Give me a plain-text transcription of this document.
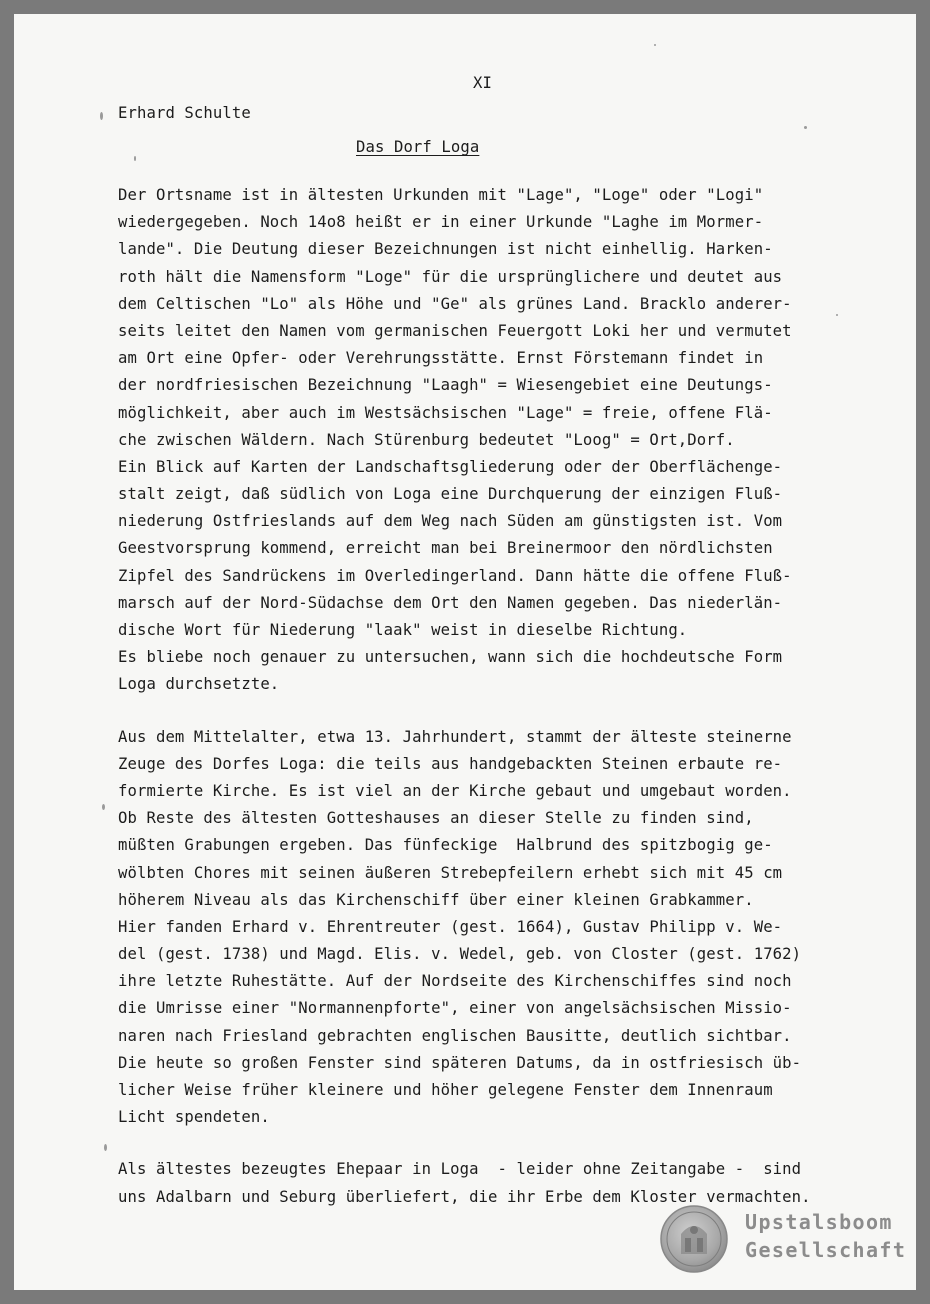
XI
Erhard Schulte
Das Dorf Loga
Der Ortsname ist in ältesten Urkunden mit "Lage", "Loge" oder "Logi"
wiedergegeben. Noch 14o8 heißt er in einer Urkunde "Laghe im Mormer-
lande". Die Deutung dieser Bezeichnungen ist nicht einhellig. Harken-
roth hält die Namensform "Loge" für die ursprünglichere und deutet aus
dem Celtischen "Lo" als Höhe und "Ge" als grünes Land. Bracklo anderer-
seits leitet den Namen vom germanischen Feuergott Loki her und vermutet
am Ort eine Opfer- oder Verehrungsstätte. Ernst Förstemann findet in
der nordfriesischen Bezeichnung "Laagh" = Wiesengebiet eine Deutungs-
möglichkeit, aber auch im Westsächsischen "Lage" = freie, offene Flä-
che zwischen Wäldern. Nach Stürenburg bedeutet "Loog" = Ort,Dorf.
Ein Blick auf Karten der Landschaftsgliederung oder der Oberflächenge-
stalt zeigt, daß südlich von Loga eine Durchquerung der einzigen Fluß-
niederung Ostfrieslands auf dem Weg nach Süden am günstigsten ist. Vom
Geestvorsprung kommend, erreicht man bei Breinermoor den nördlichsten
Zipfel des Sandrückens im Overledingerland. Dann hätte die offene Fluß-
marsch auf der Nord-Südachse dem Ort den Namen gegeben. Das niederlän-
dische Wort für Niederung "laak" weist in dieselbe Richtung.
Es bliebe noch genauer zu untersuchen, wann sich die hochdeutsche Form
Loga durchsetzte.
Aus dem Mittelalter, etwa 13. Jahrhundert, stammt der älteste steinerne
Zeuge des Dorfes Loga: die teils aus handgebackten Steinen erbaute re-
formierte Kirche. Es ist viel an der Kirche gebaut und umgebaut worden.
Ob Reste des ältesten Gotteshauses an dieser Stelle zu finden sind,
müßten Grabungen ergeben. Das fünfeckige  Halbrund des spitzbogig ge-
wölbten Chores mit seinen äußeren Strebepfeilern erhebt sich mit 45 cm
höherem Niveau als das Kirchenschiff über einer kleinen Grabkammer.
Hier fanden Erhard v. Ehrentreuter (gest. 1664), Gustav Philipp v. We-
del (gest. 1738) und Magd. Elis. v. Wedel, geb. von Closter (gest. 1762)
ihre letzte Ruhestätte. Auf der Nordseite des Kirchenschiffes sind noch
die Umrisse einer "Normannenpforte", einer von angelsächsischen Missio-
naren nach Friesland gebrachten englischen Bausitte, deutlich sichtbar.
Die heute so großen Fenster sind späteren Datums, da in ostfriesisch üb-
licher Weise früher kleinere und höher gelegene Fenster dem Innenraum
Licht spendeten.
Als ältestes bezeugtes Ehepaar in Loga  - leider ohne Zeitangabe -  sind
uns Adalbarn und Seburg überliefert, die ihr Erbe dem Kloster vermachten.
Upstalsboom
Gesellschaft
